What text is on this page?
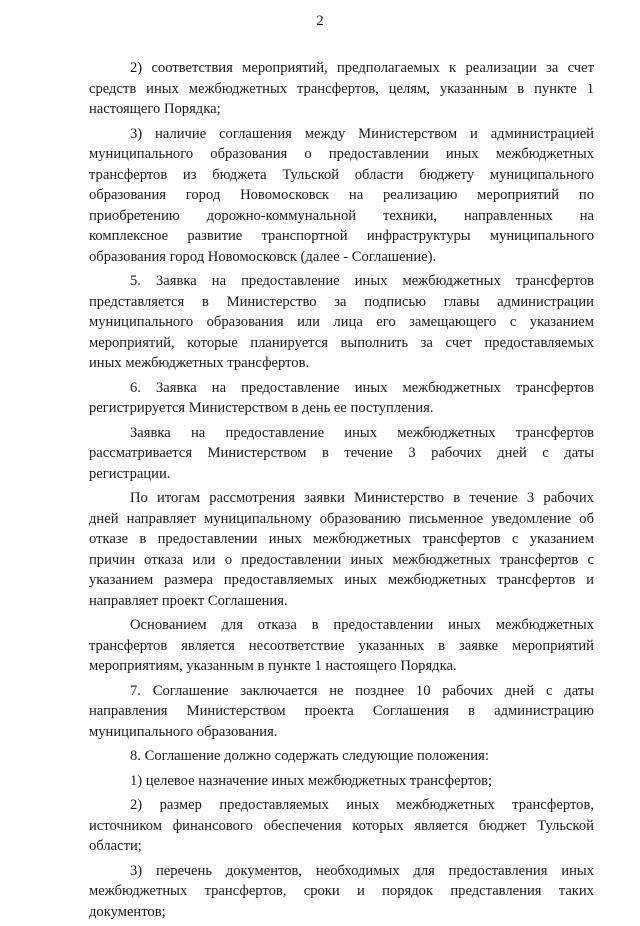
2
2) соответствия мероприятий, предполагаемых к реализации за счет
средств иных межбюджетных трансфертов, целям, указанным в пункте 1
настоящего Порядка;
3) наличие соглашения между Министерством и администрацией
муниципального образования о предоставлении иных межбюджетных
трансфертов из бюджета Тульской области бюджету муниципального
образования город Новомосковск на реализацию мероприятий по
приобретению дорожно-коммунальной техники, направленных на
комплексное развитие транспортной инфраструктуры муниципального
образования город Новомосковск (далее - Соглашение).
5. Заявка на предоставление иных межбюджетных трансфертов
представляется в Министерство за подписью главы администрации
муниципального образования или лица его замещающего с указанием
мероприятий, которые планируется выполнить за счет предоставляемых
иных межбюджетных трансфертов.
6. Заявка на предоставление иных межбюджетных трансфертов
регистрируется Министерством в день ее поступления.
Заявка на предоставление иных межбюджетных трансфертов
рассматривается Министерством в течение 3 рабочих дней с даты
регистрации.
По итогам рассмотрения заявки Министерство в течение 3 рабочих
дней направляет муниципальному образованию письменное уведомление об
отказе в предоставлении иных межбюджетных трансфертов с указанием
причин отказа или о предоставлении иных межбюджетных трансфертов с
указанием размера предоставляемых иных межбюджетных трансфертов и
направляет проект Соглашения.
Основанием для отказа в предоставлении иных межбюджетных
трансфертов является несоответствие указанных в заявке мероприятий
мероприятиям, указанным в пункте 1 настоящего Порядка.
7. Соглашение заключается не позднее 10 рабочих дней с даты
направления Министерством проекта Соглашения в администрацию
муниципального образования.
8. Соглашение должно содержать следующие положения:
1) целевое назначение иных межбюджетных трансфертов;
2) размер предоставляемых иных межбюджетных трансфертов,
источником финансового обеспечения которых является бюджет Тульской
области;
3) перечень документов, необходимых для предоставления иных
межбюджетных трансфертов, сроки и порядок представления таких
документов;
